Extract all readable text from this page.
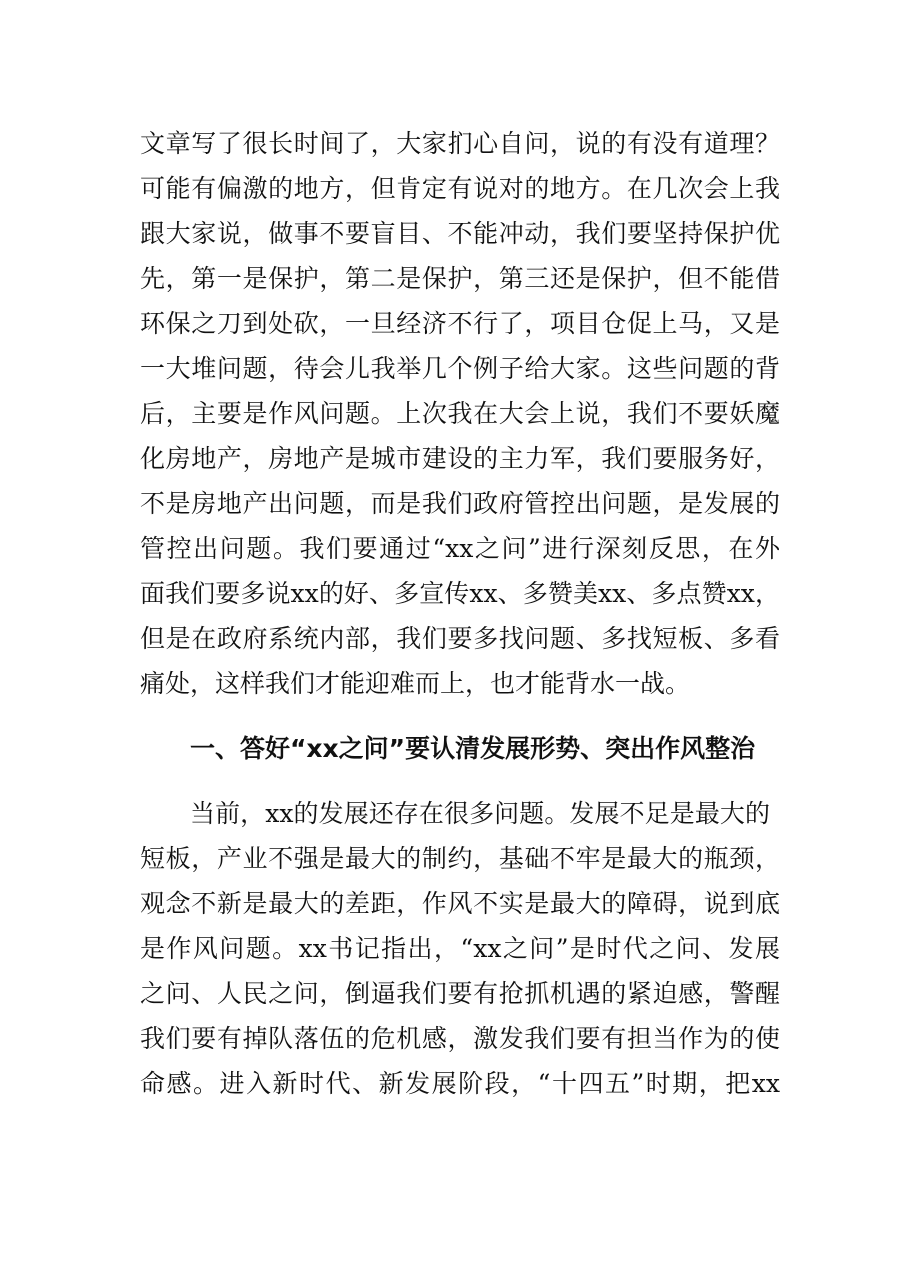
文章写了很长时间了，大家扪心自问，说的有没有道理？
可能有偏激的地方，但肯定有说对的地方。在几次会上我
跟大家说，做事不要盲目、不能冲动，我们要坚持保护优
先，第一是保护，第二是保护，第三还是保护，但不能借
环保之刀到处砍，一旦经济不行了，项目仓促上马，又是
一大堆问题，待会儿我举几个例子给大家。这些问题的背
后，主要是作风问题。上次我在大会上说，我们不要妖魔
化房地产，房地产是城市建设的主力军，我们要服务好，
不是房地产出问题，而是我们政府管控出问题，是发展的
管控出问题。我们要通过“xx之问”进行深刻反思，在外
面我们要多说xx的好、多宣传xx、多赞美xx、多点赞xx，
但是在政府系统内部，我们要多找问题、多找短板、多看
痛处，这样我们才能迎难而上，也才能背水一战。
一、答好“xx之问”要认清发展形势、突出作风整治
当前，xx的发展还存在很多问题。发展不足是最大的
短板，产业不强是最大的制约，基础不牢是最大的瓶颈，
观念不新是最大的差距，作风不实是最大的障碍，说到底
是作风问题。xx书记指出，“xx之问”是时代之问、发展
之问、人民之问，倒逼我们要有抢抓机遇的紧迫感，警醒
我们要有掉队落伍的危机感，激发我们要有担当作为的使
命感。进入新时代、新发展阶段，“十四五”时期，把xx
